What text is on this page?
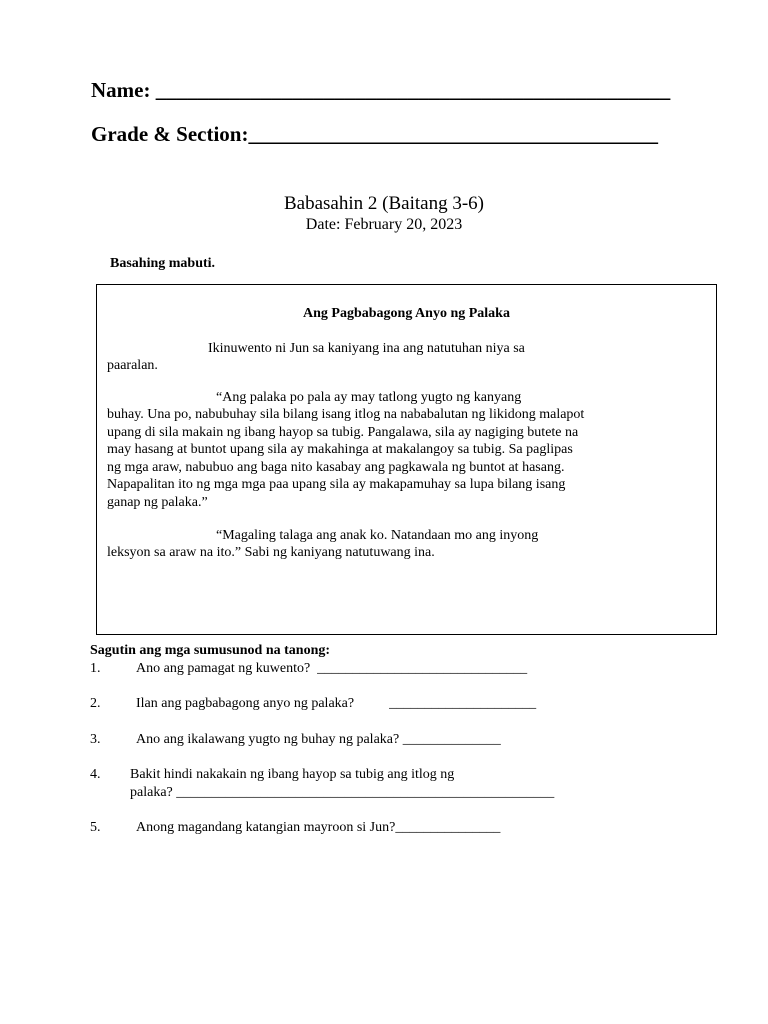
Name: _________________________________________________
Grade & Section:_______________________________________
Babasahin 2 (Baitang 3-6)
Date: February 20, 2023
Basahing mabuti.
Ang Pagbabagong Anyo ng Palaka
Ikinuwento ni Jun sa kaniyang ina ang natutuhan niya sa
paaralan.
“Ang palaka po pala ay may tatlong yugto ng kanyang
buhay. Una po, nabubuhay sila bilang isang itlog na nababalutan ng likidong malapot
upang di sila makain ng ibang hayop sa tubig. Pangalawa, sila ay nagiging butete na
may hasang at buntot upang sila ay makahinga at makalangoy sa tubig. Sa paglipas
ng mga araw, nabubuo ang baga nito kasabay ang pagkawala ng buntot at hasang.
Napapalitan ito ng mga mga paa upang sila ay makapamuhay sa lupa bilang isang
ganap ng palaka.”
“Magaling talaga ang anak ko. Natandaan mo ang inyong
leksyon sa araw na ito.” Sabi ng kaniyang natutuwang ina.
Sagutin ang mga sumusunod na tanong:
1.	Ano ang pamagat ng kuwento?  ______________________________
2.	Ilan ang pagbabagong anyo ng palaka?          _____________________
3.	Ano ang ikalawang yugto ng buhay ng palaka? ______________
4. Bakit hindi nakakain ng ibang hayop sa tubig ang itlog ng
palaka? ______________________________________________________
5.	Anong magandang katangian mayroon si Jun?_______________
